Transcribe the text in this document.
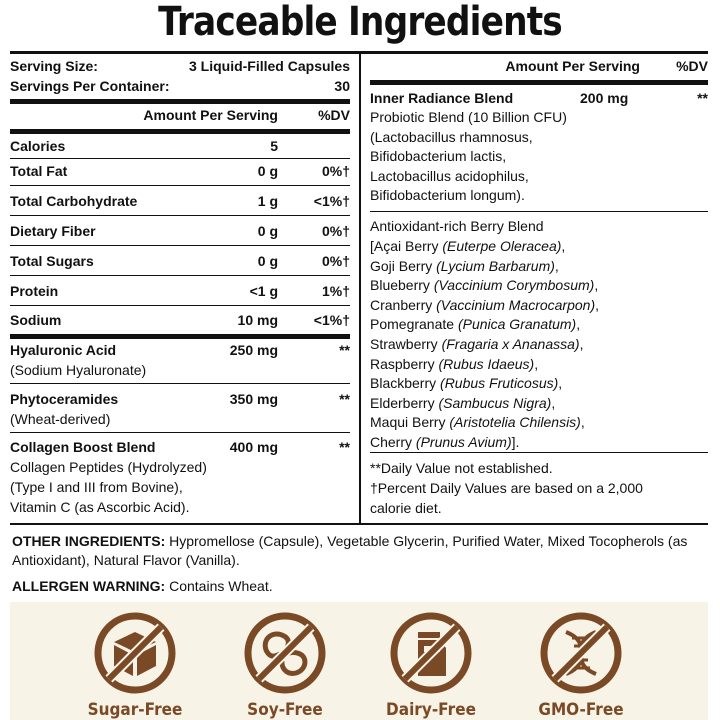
Traceable Ingredients
Serving Size:	3 Liquid-Filled Capsules
Servings Per Container:	30
Amount Per Serving	%DV
Calories	5
Total Fat	0 g	0%†
Total Carbohydrate	1 g	<1%†
Dietary Fiber	0 g	0%†
Total Sugars	0 g	0%†
Protein	<1 g	1%†
Sodium	10 mg	<1%†
Hyaluronic Acid	250 mg	**
(Sodium Hyaluronate)
Phytoceramides	350 mg	**
(Wheat-derived)
Collagen Boost Blend	400 mg	**
Collagen Peptides (Hydrolyzed)
(Type I and III from Bovine),
Vitamin C (as Ascorbic Acid).
Amount Per Serving	%DV
Inner Radiance Blend	200 mg	**
Probiotic Blend (10 Billion CFU)
(Lactobacillus rhamnosus,
Bifidobacterium lactis,
Lactobacillus acidophilus,
Bifidobacterium longum).
Antioxidant-rich Berry Blend
[Açai Berry (Euterpe Oleracea),
Goji Berry (Lycium Barbarum),
Blueberry (Vaccinium Corymbosum),
Cranberry (Vaccinium Macrocarpon),
Pomegranate (Punica Granatum),
Strawberry (Fragaria x Ananassa),
Raspberry (Rubus Idaeus),
Blackberry (Rubus Fruticosus),
Elderberry (Sambucus Nigra),
Maqui Berry (Aristotelia Chilensis),
Cherry (Prunus Avium)].
**Daily Value not established.
†Percent Daily Values are based on a 2,000
calorie diet.
OTHER INGREDIENTS: Hypromellose (Capsule), Vegetable Glycerin, Purified Water, Mixed Tocopherols (as Antioxidant), Natural Flavor (Vanilla).
ALLERGEN WARNING: Contains Wheat.
Sugar-Free	Soy-Free	Dairy-Free	GMO-Free
